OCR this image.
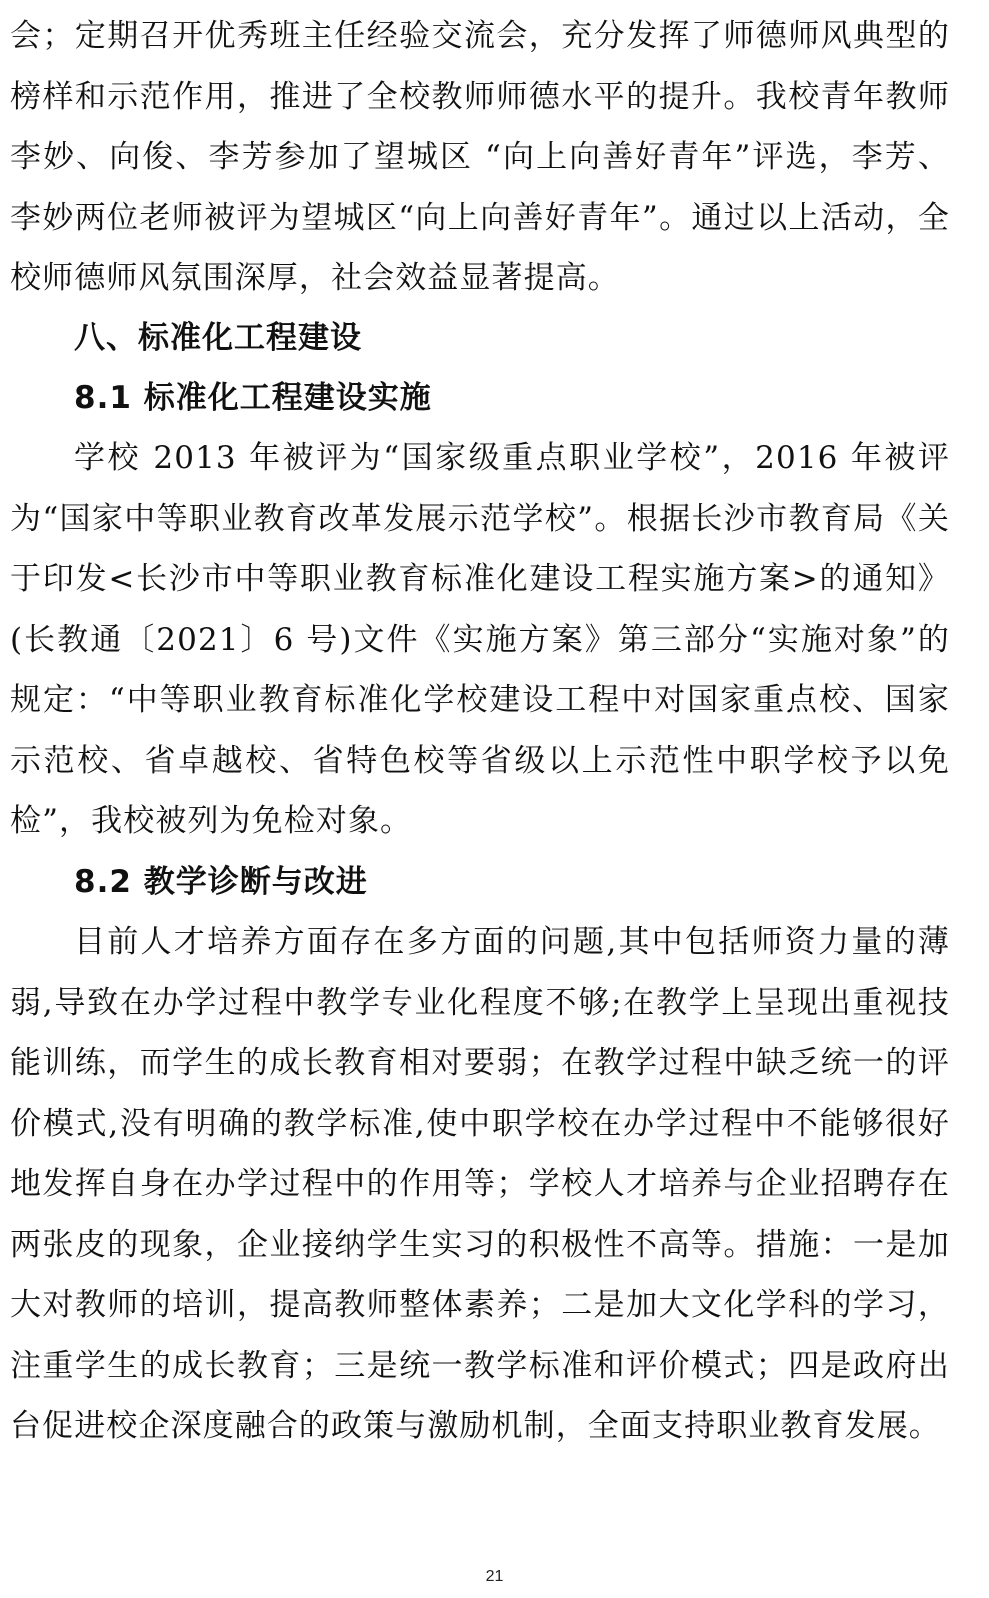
会；定期召开优秀班主任经验交流会，充分发挥了师德师风典型的榜样和示范作用，推进了全校教师师德水平的提升。我校青年教师李妙、向俊、李芳参加了望城区 “向上向善好青年”评选，李芳、李妙两位老师被评为望城区“向上向善好青年”。通过以上活动，全校师德师风氛围深厚，社会效益显著提高。

八、标准化工程建设

8.1 标准化工程建设实施

学校 2013 年被评为“国家级重点职业学校”，2016 年被评为“国家中等职业教育改革发展示范学校”。根据长沙市教育局《关于印发<长沙市中等职业教育标准化建设工程实施方案>的通知》(长教通〔2021〕6 号)文件《实施方案》第三部分“实施对象”的规定：“中等职业教育标准化学校建设工程中对国家重点校、国家示范校、省卓越校、省特色校等省级以上示范性中职学校予以免检”，我校被列为免检对象。

8.2 教学诊断与改进

目前人才培养方面存在多方面的问题,其中包括师资力量的薄弱,导致在办学过程中教学专业化程度不够;在教学上呈现出重视技能训练，而学生的成长教育相对要弱；在教学过程中缺乏统一的评价模式,没有明确的教学标准,使中职学校在办学过程中不能够很好地发挥自身在办学过程中的作用等；学校人才培养与企业招聘存在两张皮的现象，企业接纳学生实习的积极性不高等。措施：一是加大对教师的培训，提高教师整体素养；二是加大文化学科的学习，注重学生的成长教育；三是统一教学标准和评价模式；四是政府出台促进校企深度融合的政策与激励机制，全面支持职业教育发展。

21
